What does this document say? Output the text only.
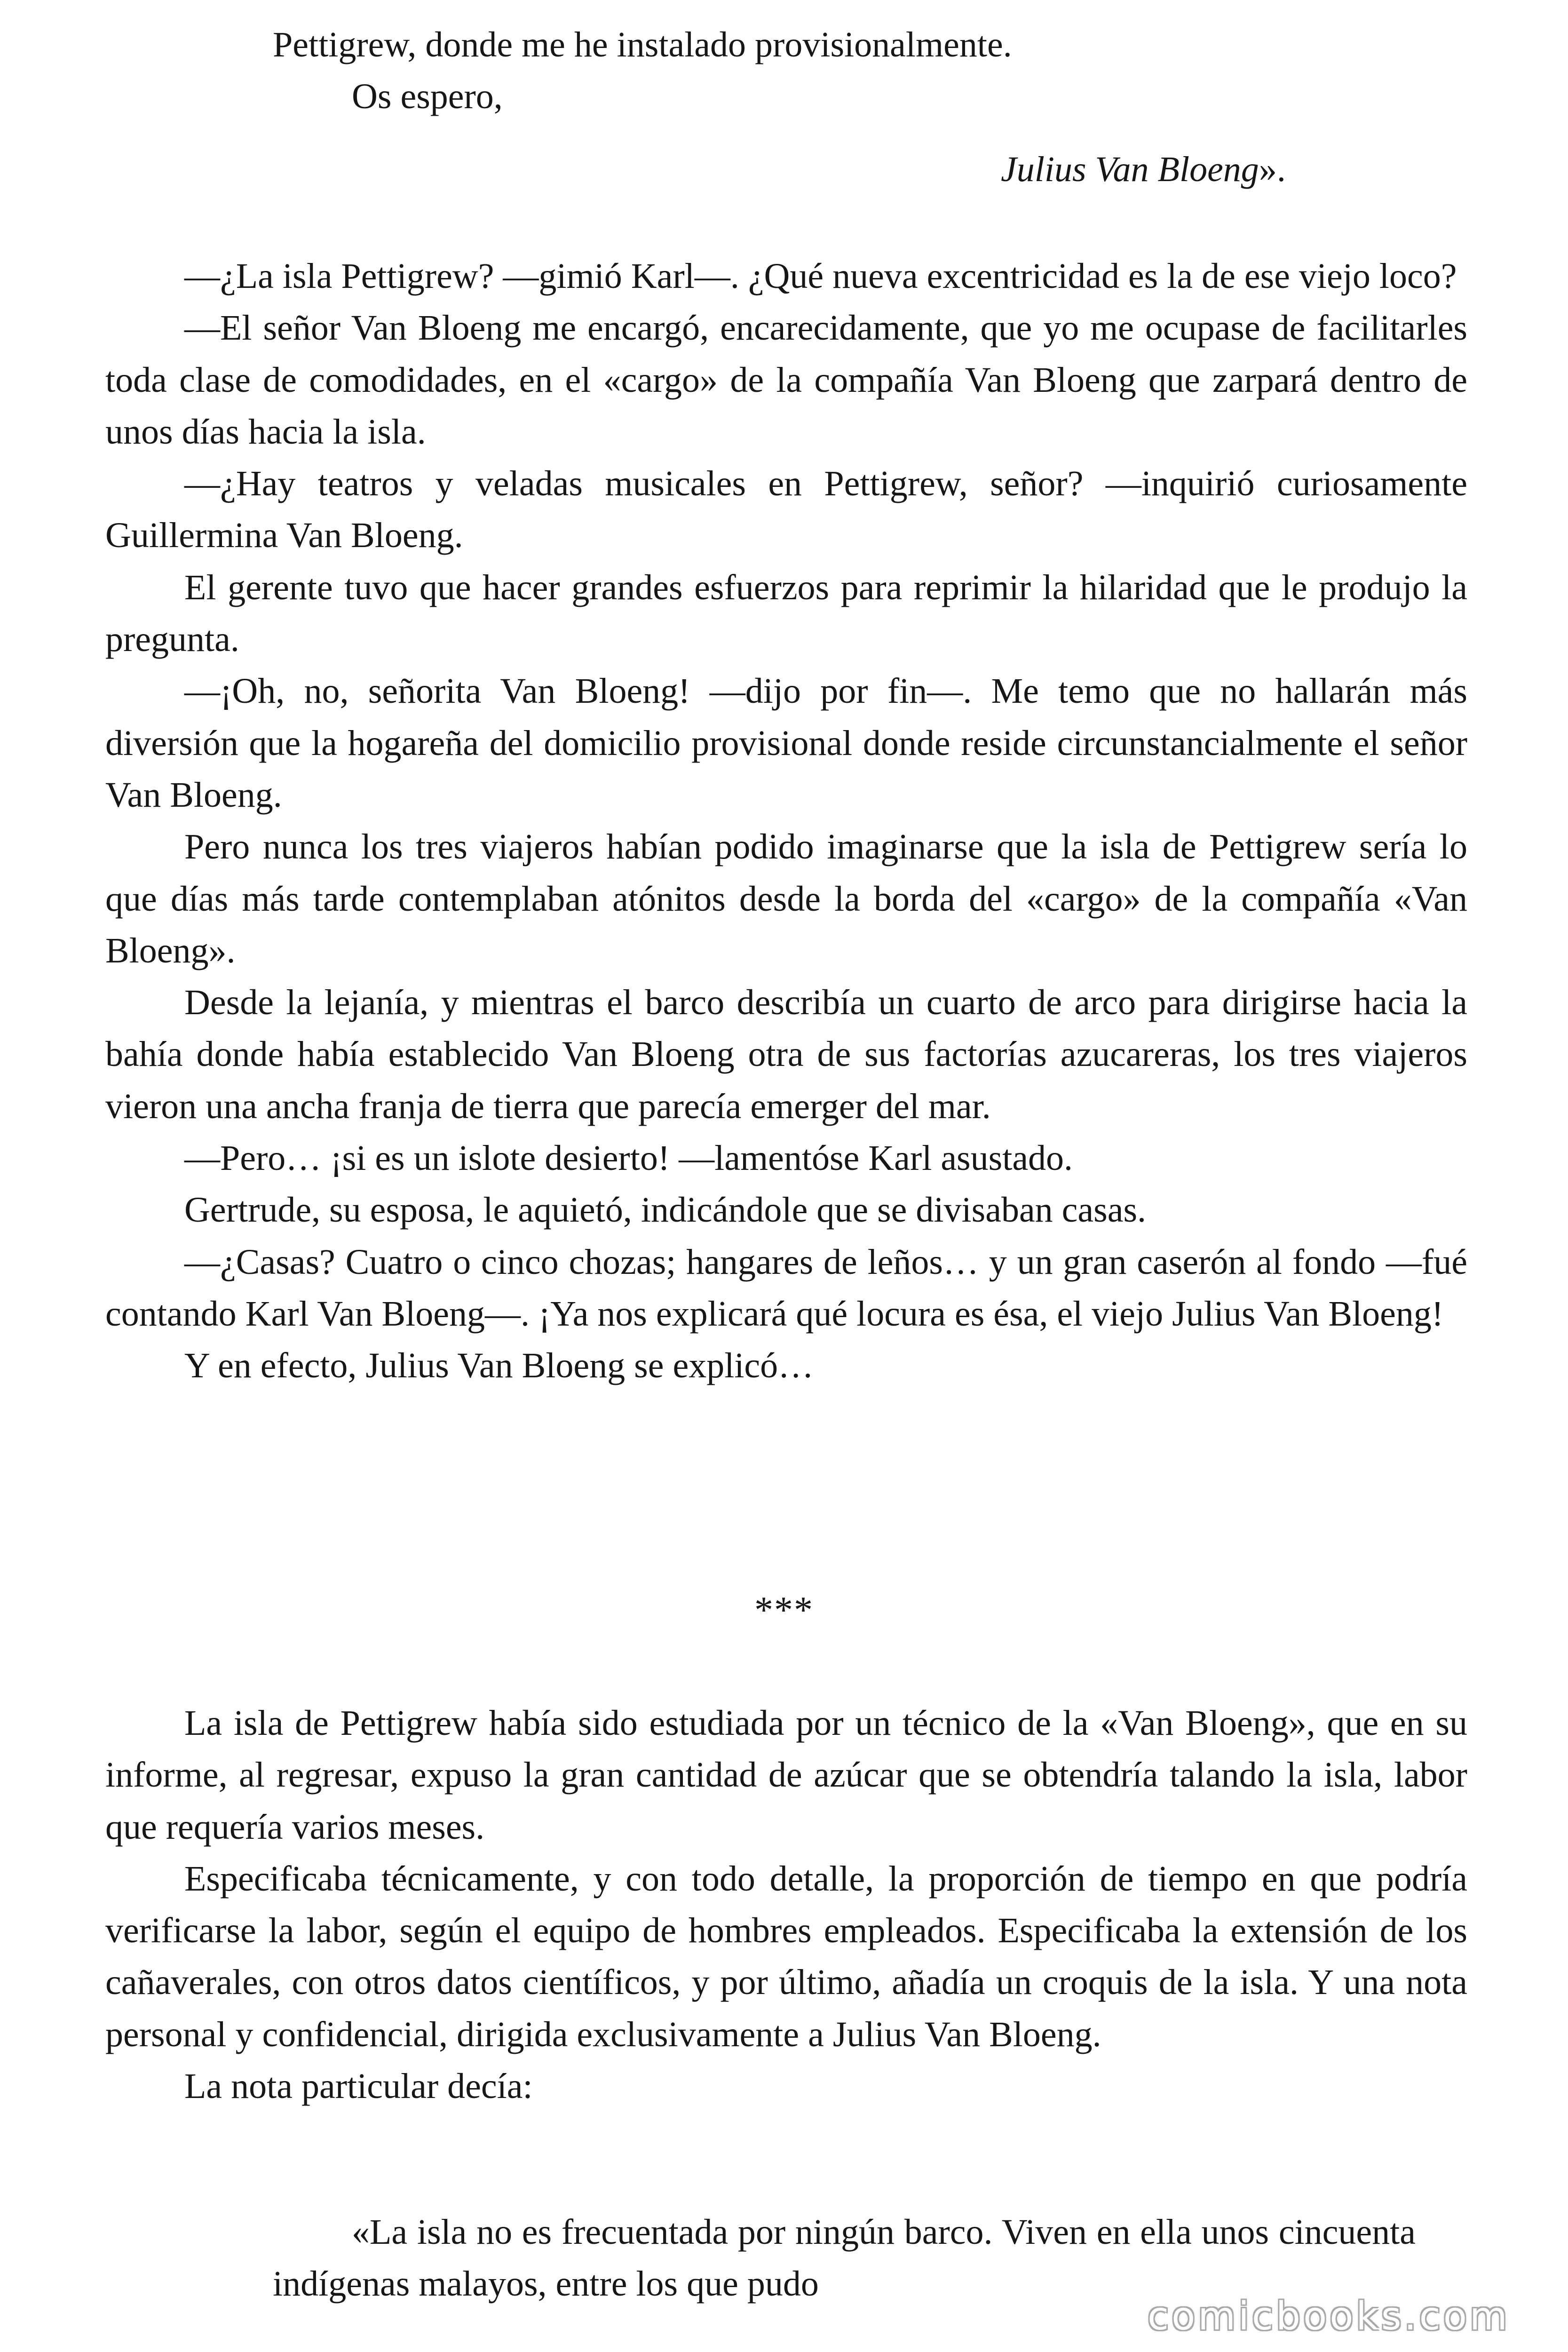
Pettigrew, donde me he instalado provisionalmente.

Os espero,

Julius Van Bloeng».

—¿La isla Pettigrew? —gimió Karl—. ¿Qué nueva excentricidad es la de ese viejo loco?

—El señor Van Bloeng me encargó, encarecidamente, que yo me ocupase de facilitarles toda clase de comodidades, en el «cargo» de la compañía Van Bloeng que zarpará dentro de unos días hacia la isla.

—¿Hay teatros y veladas musicales en Pettigrew, señor? —inquirió curiosamente Guillermina Van Bloeng.

El gerente tuvo que hacer grandes esfuerzos para reprimir la hilaridad que le produjo la pregunta.

—¡Oh, no, señorita Van Bloeng! —dijo por fin—. Me temo que no hallarán más diversión que la hogareña del domicilio provisional donde reside circunstancialmente el señor Van Bloeng.

Pero nunca los tres viajeros habían podido imaginarse que la isla de Pettigrew sería lo que días más tarde contemplaban atónitos desde la borda del «cargo» de la compañía «Van Bloeng».

Desde la lejanía, y mientras el barco describía un cuarto de arco para dirigirse hacia la bahía donde había establecido Van Bloeng otra de sus factorías azucareras, los tres viajeros vieron una ancha franja de tierra que parecía emerger del mar.

—Pero… ¡si es un islote desierto! —lamentóse Karl asustado.

Gertrude, su esposa, le aquietó, indicándole que se divisaban casas.

—¿Casas? Cuatro o cinco chozas; hangares de leños… y un gran caserón al fondo —fué contando Karl Van Bloeng—. ¡Ya nos explicará qué locura es ésa, el viejo Julius Van Bloeng!

Y en efecto, Julius Van Bloeng se explicó…

***

La isla de Pettigrew había sido estudiada por un técnico de la «Van Bloeng», que en su informe, al regresar, expuso la gran cantidad de azúcar que se obtendría talando la isla, labor que requería varios meses.

Especificaba técnicamente, y con todo detalle, la proporción de tiempo en que podría verificarse la labor, según el equipo de hombres empleados. Especificaba la extensión de los cañaverales, con otros datos científicos, y por último, añadía un croquis de la isla. Y una nota personal y confidencial, dirigida exclusivamente a Julius Van Bloeng.

La nota particular decía:

«La isla no es frecuentada por ningún barco. Viven en ella unos cincuenta indígenas malayos, entre los que pudo

comicbooks.com
